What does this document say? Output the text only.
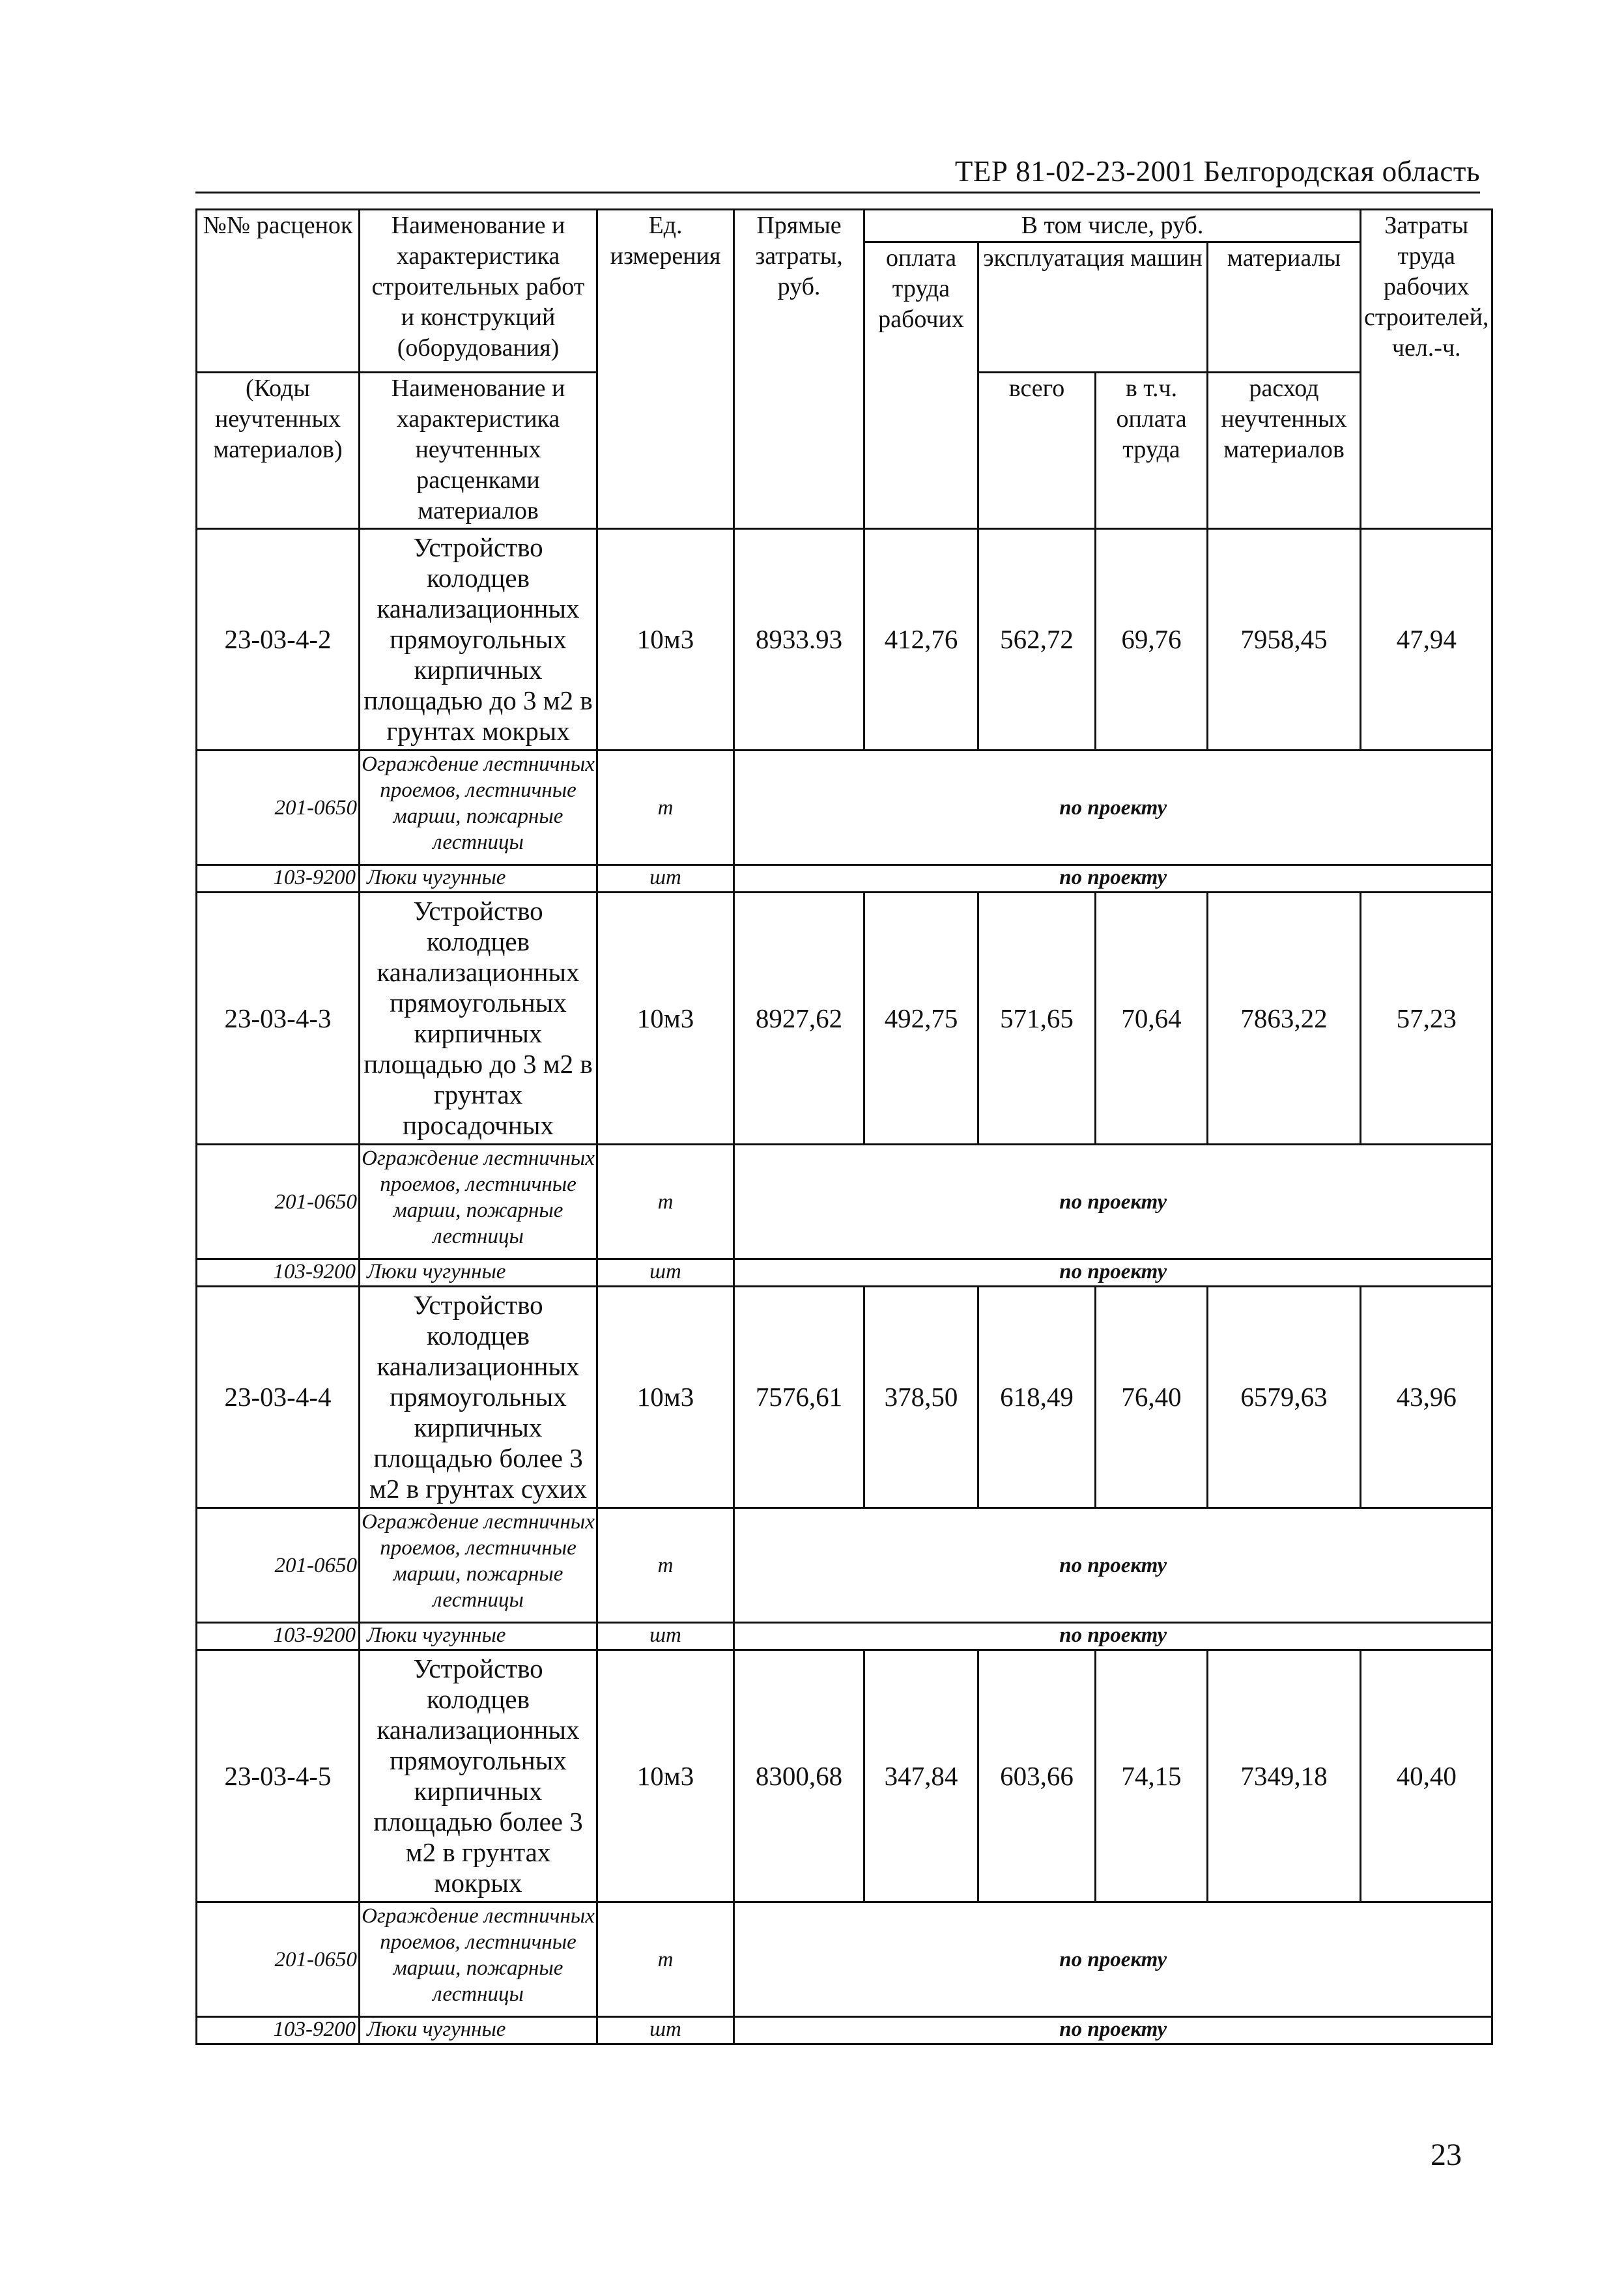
ТЕР 81-02-23-2001 Белгородская область
№№ расценок	Наименование и характеристика строительных работ и конструкций (оборудования)	Ед. измерения	Прямые затраты, руб.	В том числе, руб.				Затраты труда рабочих строителей, чел.-ч.
				оплата труда рабочих	эксплуатация машин		материалы	
(Коды неучтенных материалов)	Наименование и характеристика неучтенных расценками материалов				всего	в т.ч. оплата труда	расход неучтенных материалов	
23-03-4-2	Устройство колодцев канализационных прямоугольных кирпичных площадью до 3 м2 в грунтах мокрых	10м3	8933.93	412,76	562,72	69,76	7958,45	47,94
201-0650	Ограждение лестничных проемов, лестничные марши, пожарные лестницы	т	по проекту					
103-9200	Люки чугунные	шт	по проекту					
23-03-4-3	Устройство колодцев канализационных прямоугольных кирпичных площадью до 3 м2 в грунтах просадочных	10м3	8927,62	492,75	571,65	70,64	7863,22	57,23
201-0650	Ограждение лестничных проемов, лестничные марши, пожарные лестницы	т	по проекту					
103-9200	Люки чугунные	шт	по проекту					
23-03-4-4	Устройство колодцев канализационных прямоугольных кирпичных площадью более 3 м2 в грунтах сухих	10м3	7576,61	378,50	618,49	76,40	6579,63	43,96
201-0650	Ограждение лестничных проемов, лестничные марши, пожарные лестницы	т	по проекту					
103-9200	Люки чугунные	шт	по проекту					
23-03-4-5	Устройство колодцев канализационных прямоугольных кирпичных площадью более 3 м2 в грунтах мокрых	10м3	8300,68	347,84	603,66	74,15	7349,18	40,40
201-0650	Ограждение лестничных проемов, лестничные марши, пожарные лестницы	т	по проекту					
103-9200	Люки чугунные	шт	по проекту					
23
